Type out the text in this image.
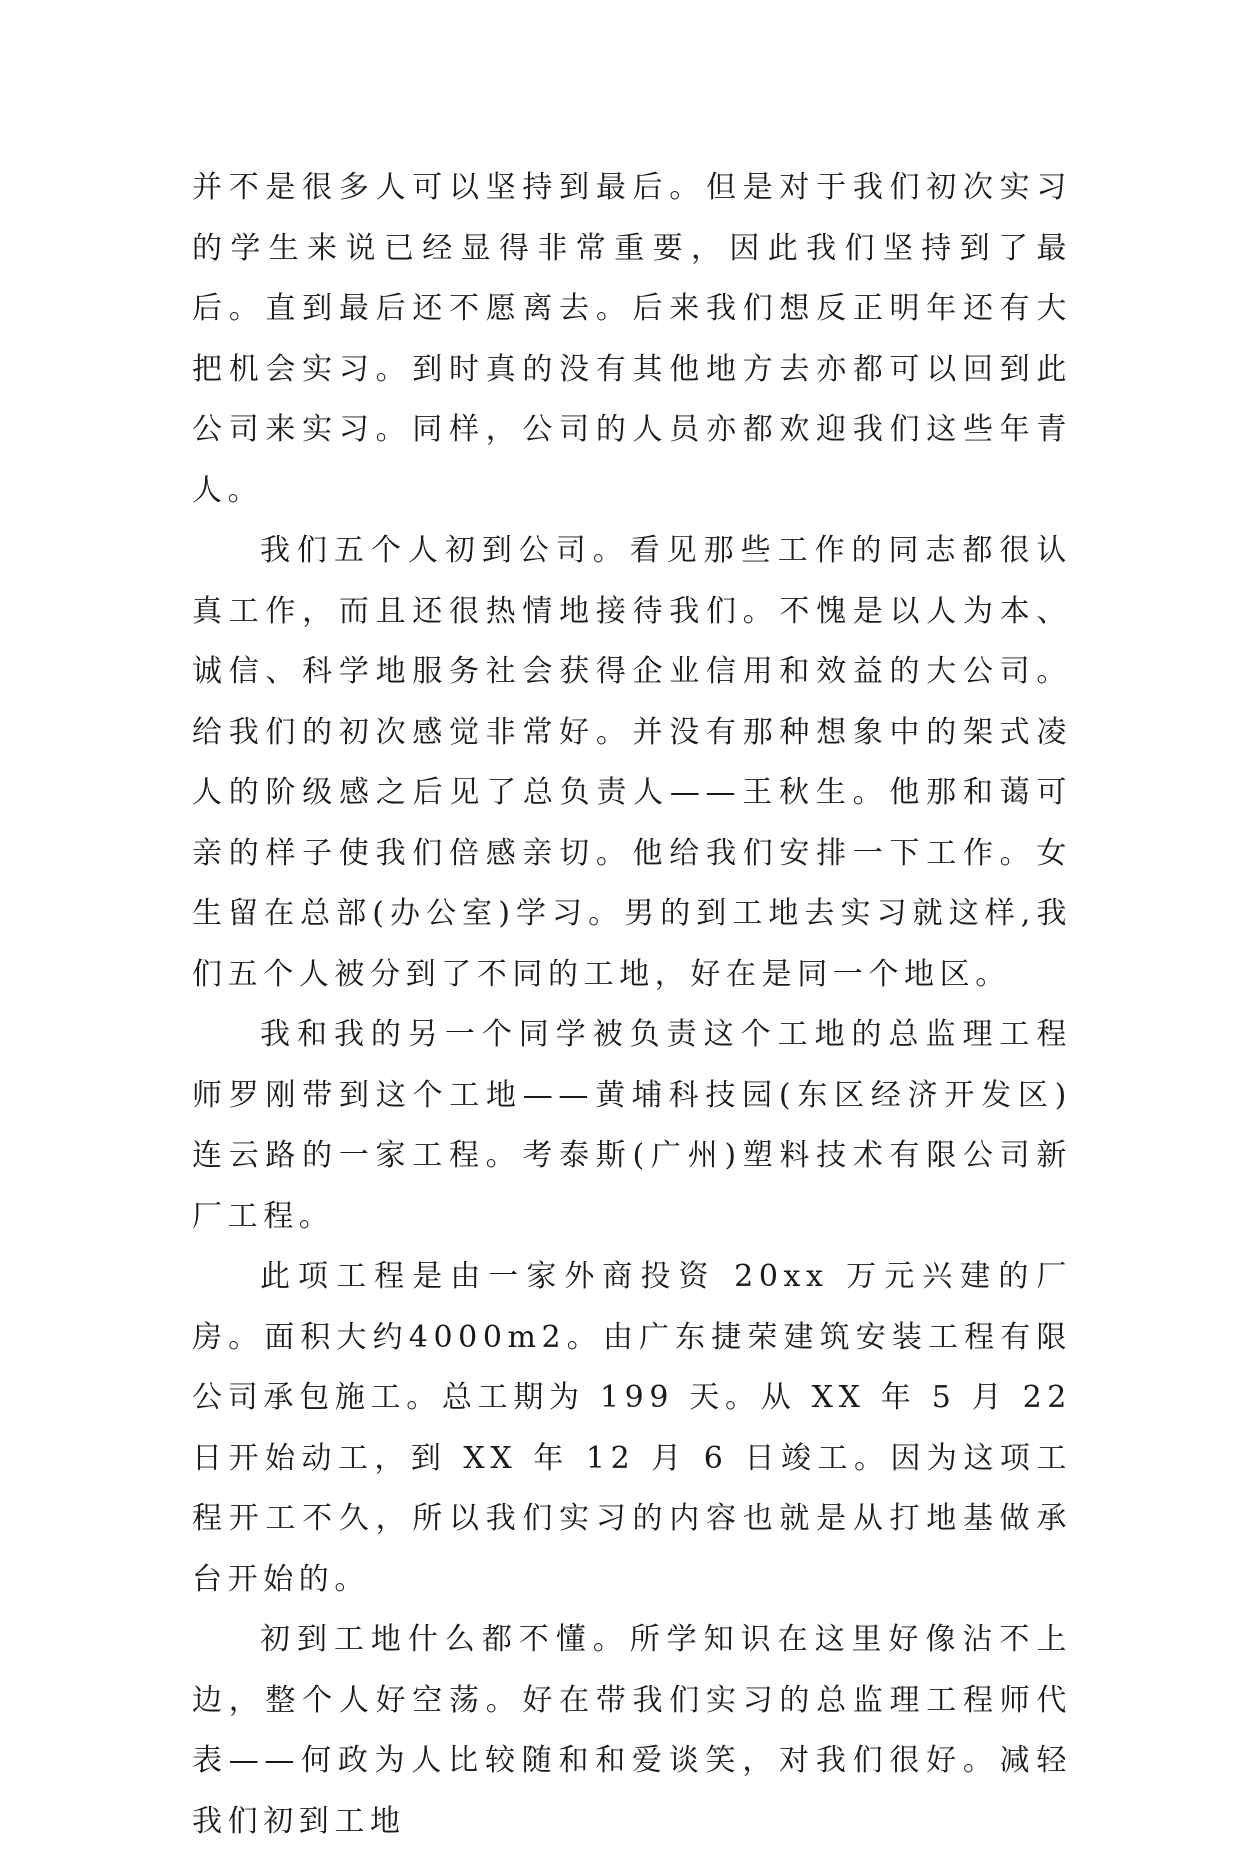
并不是很多人可以坚持到最后。但是对于我们初次实习的学生来说已经显得非常重要，因此我们坚持到了最后。直到最后还不愿离去。后来我们想反正明年还有大把机会实习。到时真的没有其他地方去亦都可以回到此公司来实习。同样，公司的人员亦都欢迎我们这些年青人。

我们五个人初到公司。看见那些工作的同志都很认真工作，而且还很热情地接待我们。不愧是以人为本、诚信、科学地服务社会获得企业信用和效益的大公司。给我们的初次感觉非常好。并没有那种想象中的架式凌人的阶级感之后见了总负责人——王秋生。他那和蔼可亲的样子使我们倍感亲切。他给我们安排一下工作。女生留在总部(办公室)学习。男的到工地去实习就这样,我们五个人被分到了不同的工地，好在是同一个地区。

我和我的另一个同学被负责这个工地的总监理工程师罗刚带到这个工地——黄埔科技园(东区经济开发区)连云路的一家工程。考泰斯(广州)塑料技术有限公司新厂工程。

此项工程是由一家外商投资 20xx 万元兴建的厂房。面积大约4000m2。由广东捷荣建筑安装工程有限公司承包施工。总工期为 199 天。从 XX 年 5 月 22 日开始动工，到 XX 年 12 月 6 日竣工。因为这项工程开工不久，所以我们实习的内容也就是从打地基做承台开始的。

初到工地什么都不懂。所学知识在这里好像沾不上边，整个人好空荡。好在带我们实习的总监理工程师代表——何政为人比较随和和爱谈笑，对我们很好。减轻我们初到工地
